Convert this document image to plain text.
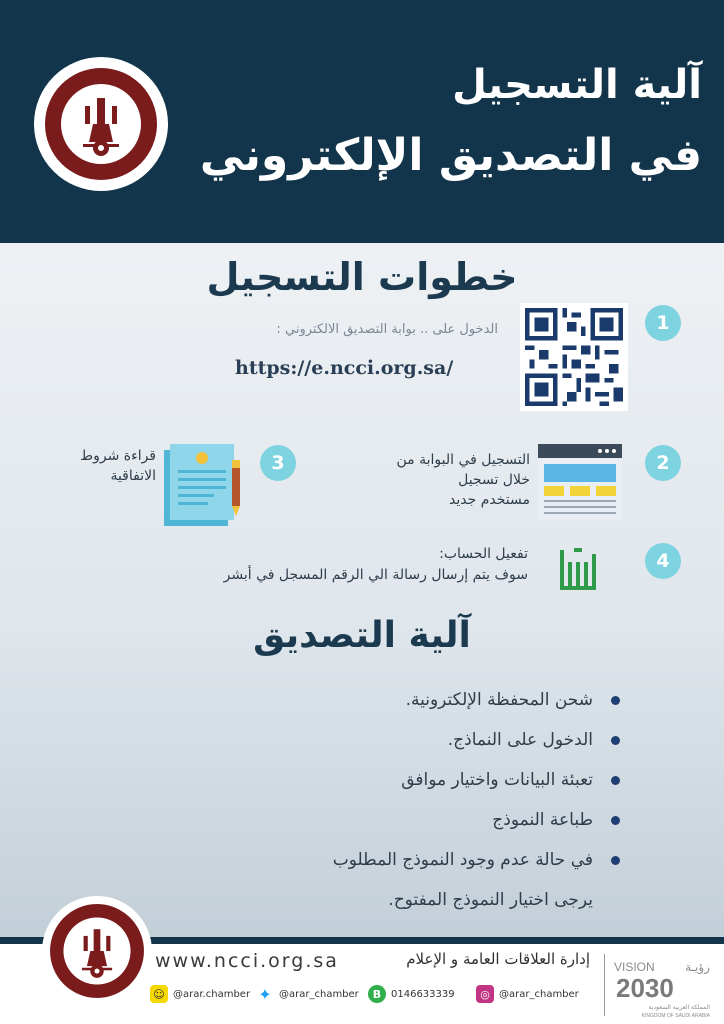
آلية التسجيل
في التصديق الإلكتروني
خطوات التسجيل
1
الدخول على .. بوابة التصديق الالكتروني :
https://e.ncci.org.sa/
2
التسجيل في البوابة من
خلال تسجيل
مستخدم جديد
3
قراءة شروط
الاتفاقية
4
تفعيل الحساب:
سوف يتم إرسال رسالة الي الرقم المسجل في أبشر
آلية التصديق
شحن المحفظة الإلكترونية.
الدخول على النماذج.
تعبئة البيانات واختيار موافق
طباعة النموذج
في حالة عدم وجود النموذج المطلوب
يرجى اختيار النموذج المفتوح.
www.ncci.org.sa	إدارة العلاقات العامة و الإعلام
☺ @arar.chamber ✦ @arar_chamber	B 0146633339	◎ @arar_chamber
VISION	رؤيـة
2030
المملكة العربية السعودية
KINGDOM OF SAUDI ARABIA
